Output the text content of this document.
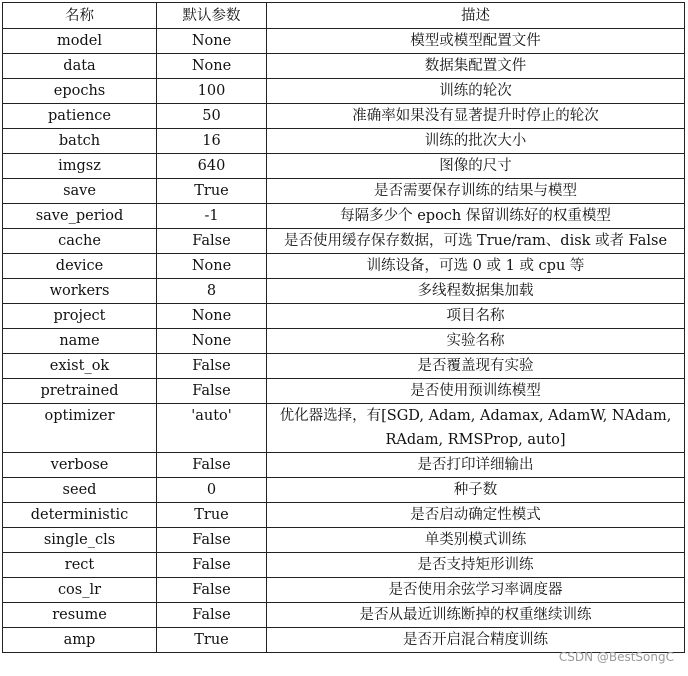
名称	默认参数	描述
model	None	模型或模型配置文件
data	None	数据集配置文件
epochs	100	训练的轮次
patience	50	准确率如果没有显著提升时停止的轮次
batch	16	训练的批次大小
imgsz	640	图像的尺寸
save	True	是否需要保存训练的结果与模型
save_period	-1	每隔多少个 epoch 保留训练好的权重模型
cache	False	是否使用缓存保存数据，可选 True/ram、disk 或者 False
device	None	训练设备，可选 0 或 1 或 cpu 等
workers	8	多线程数据集加载
project	None	项目名称
name	None	实验名称
exist_ok	False	是否覆盖现有实验
pretrained	False	是否使用预训练模型
optimizer	'auto'	优化器选择，有[SGD, Adam, Adamax, AdamW, NAdam,
RAdam, RMSProp, auto]

verbose	False	是否打印详细输出
seed	0	种子数
deterministic	True	是否启动确定性模式
single_cls	False	单类别模式训练
rect	False	是否支持矩形训练
cos_lr	False	是否使用余弦学习率调度器
resume	False	是否从最近训练断掉的权重继续训练
amp	True	是否开启混合精度训练
CSDN @BestSongC
